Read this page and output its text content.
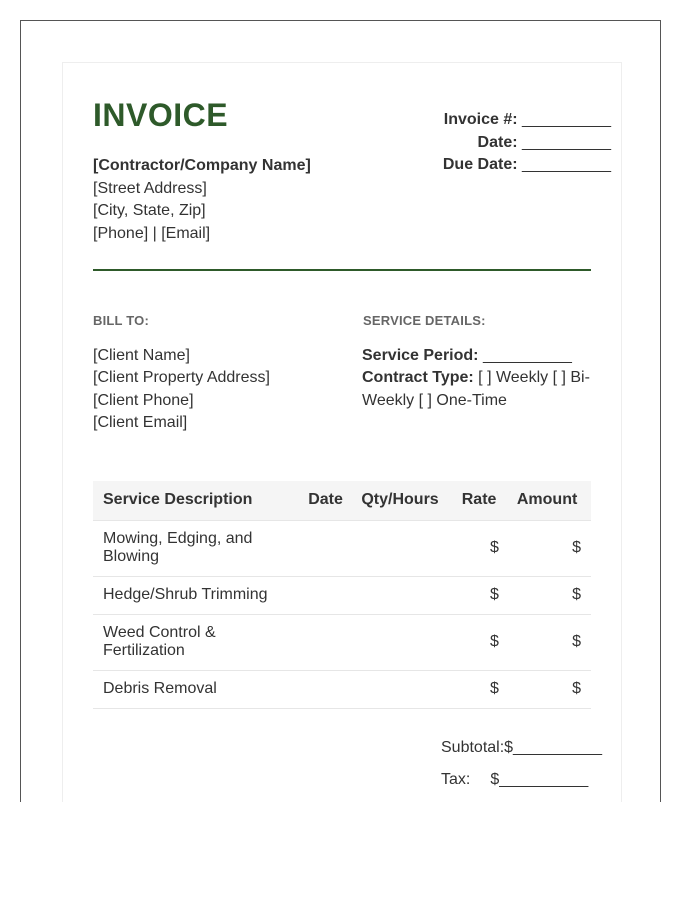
INVOICE
[Contractor/Company Name]
[Street Address]
[City, State, Zip]
[Phone] | [Email]
Invoice #: __________
Date: __________
Due Date: __________
BILL TO:	SERVICE DETAILS:
[Client Name]
[Client Property Address]
[Client Phone]
[Client Email]
Service Period: __________
Contract Type: [ ] Weekly [ ] Bi-Weekly [ ] One-Time
Service Description	Date	Qty/Hours	Rate	Amount
Mowing, Edging, and Blowing			$	$
Hedge/Shrub Trimming			$	$
Weed Control & Fertilization			$	$
Debris Removal			$	$
Subtotal:$__________
Tax: $__________
